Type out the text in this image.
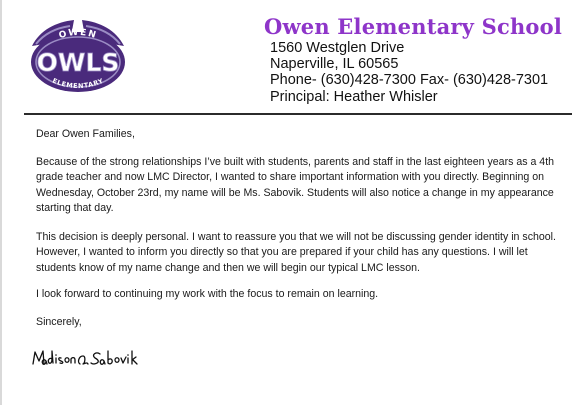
OWEN
OWLS
ELEMENTARY
Owen Elementary School
1560 Westglen Drive
Naperville, IL 60565
Phone- (630)428-7300 Fax- (630)428-7301
Principal: Heather Whisler

Dear Owen Families,

Because of the strong relationships I’ve built with students, parents and staff in the last eighteen years as a 4th grade teacher and now LMC Director, I wanted to share important information with you directly. Beginning on Wednesday, October 23rd, my name will be Ms. Sabovik. Students will also notice a change in my appearance starting that day.

This decision is deeply personal. I want to reassure you that we will not be discussing gender identity in school. However, I wanted to inform you directly so that you are prepared if your child has any questions. I will let students know of my name change and then we will begin our typical LMC lesson.

I look forward to continuing my work with the focus to remain on learning.

Sincerely,
